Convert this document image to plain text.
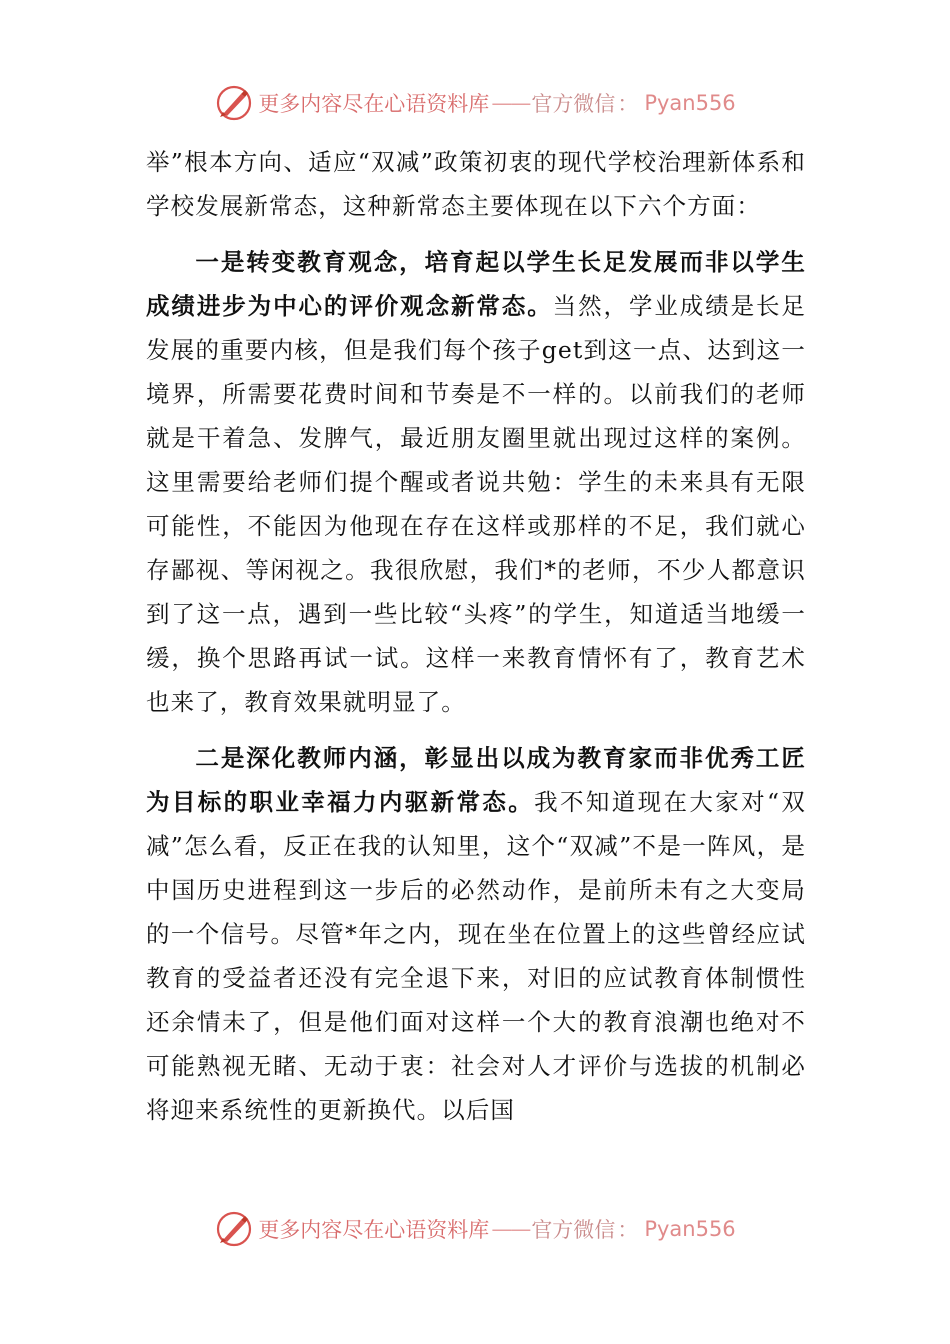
更多内容尽在心语资料库 —— 官方微信 ： Pyan556

举”根本方向、适应“双减”政策初衷的现代学校治理新体系和学校发展新常态，这种新常态主要体现在以下六个方面：

一是转变教育观念，培育起以学生长足发展而非以学生成绩进步为中心的评价观念新常态。当然，学业成绩是长足发展的重要内核，但是我们每个孩子get到这一点、达到这一境界，所需要花费时间和节奏是不一样的。以前我们的老师就是干着急、发脾气，最近朋友圈里就出现过这样的案例。这里需要给老师们提个醒或者说共勉：学生的未来具有无限可能性，不能因为他现在存在这样或那样的不足，我们就心存鄙视、等闲视之。我很欣慰，我们*的老师，不少人都意识到了这一点，遇到一些比较“头疼”的学生，知道适当地缓一缓，换个思路再试一试。这样一来教育情怀有了，教育艺术也来了，教育效果就明显了。

二是深化教师内涵，彰显出以成为教育家而非优秀工匠为目标的职业幸福力内驱新常态。我不知道现在大家对“双减”怎么看，反正在我的认知里，这个“双减”不是一阵风，是中国历史进程到这一步后的必然动作，是前所未有之大变局的一个信号。尽管*年之内，现在坐在位置上的这些曾经应试教育的受益者还没有完全退下来，对旧的应试教育体制惯性还余情未了，但是他们面对这样一个大的教育浪潮也绝对不可能熟视无睹、无动于衷：社会对人才评价与选拔的机制必将迎来系统性的更新换代。以后国

更多内容尽在心语资料库 —— 官方微信 ： Pyan556
